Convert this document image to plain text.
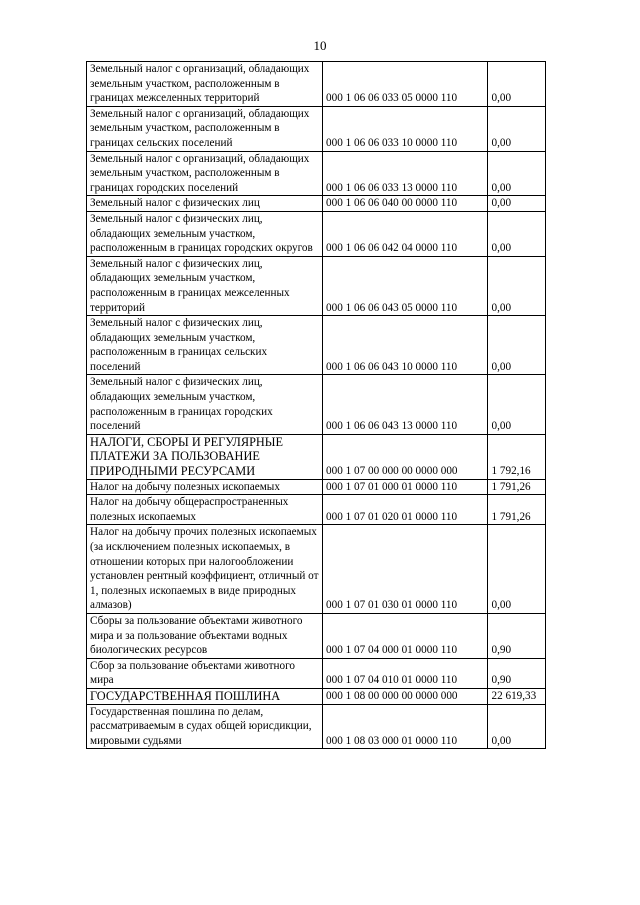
10
Земельный налог с организаций, обладающих земельным участком, расположенным в границах межселенных территорий	000 1 06 06 033 05 0000 110	0,00
Земельный налог с организаций, обладающих земельным участком, расположенным в границах сельских поселений	000 1 06 06 033 10 0000 110	0,00
Земельный налог с организаций, обладающих земельным участком, расположенным в границах городских поселений	000 1 06 06 033 13 0000 110	0,00
Земельный налог с физических лиц	000 1 06 06 040 00 0000 110	0,00
Земельный налог с физических лиц, обладающих земельным участком, расположенным в границах городских округов	000 1 06 06 042 04 0000 110	0,00
Земельный налог с физических лиц, обладающих земельным участком, расположенным в границах межселенных территорий	000 1 06 06 043 05 0000 110	0,00
Земельный налог с физических лиц, обладающих земельным участком, расположенным в границах сельских поселений	000 1 06 06 043 10 0000 110	0,00
Земельный налог с физических лиц, обладающих земельным участком, расположенным в границах городских поселений	000 1 06 06 043 13 0000 110	0,00
НАЛОГИ, СБОРЫ И РЕГУЛЯРНЫЕ ПЛАТЕЖИ ЗА ПОЛЬЗОВАНИЕ ПРИРОДНЫМИ РЕСУРСАМИ	000 1 07 00 000 00 0000 000	1 792,16
Налог на добычу полезных ископаемых	000 1 07 01 000 01 0000 110	1 791,26
Налог на добычу общераспространенных полезных ископаемых	000 1 07 01 020 01 0000 110	1 791,26
Налог на добычу прочих полезных ископаемых (за исключением полезных ископаемых, в отношении которых при налогообложении установлен рентный коэффициент, отличный от 1, полезных ископаемых в виде природных алмазов)	000 1 07 01 030 01 0000 110	0,00
Сборы за пользование объектами животного мира и за пользование объектами водных биологических ресурсов	000 1 07 04 000 01 0000 110	0,90
Сбор за пользование объектами животного мира	000 1 07 04 010 01 0000 110	0,90
ГОСУДАРСТВЕННАЯ ПОШЛИНА	000 1 08 00 000 00 0000 000	22 619,33
Государственная пошлина по делам, рассматриваемым в судах общей юрисдикции, мировыми судьями	000 1 08 03 000 01 0000 110	0,00
